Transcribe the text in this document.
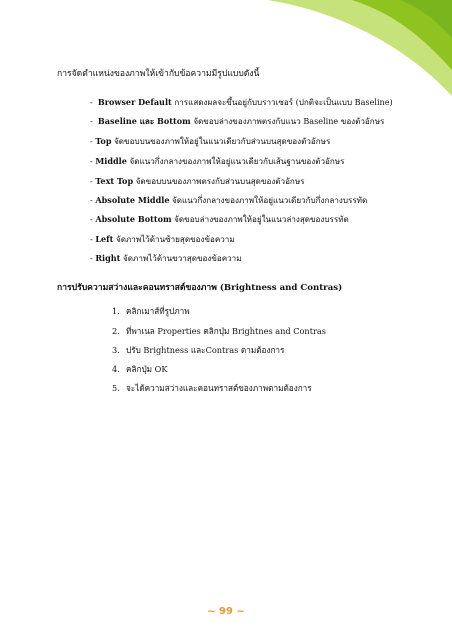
การจัดตำแหน่งของภาพให้เข้ากับข้อความมีรูปแบบดังนี้
- Browser Default การแสดงผลจะขึ้นอยู่กับบราวเซอร์ (ปกติจะเป็นแบบ Baseline)
- Baseline และ Bottom จัดขอบล่างของภาพตรงกับแนว Baseline ของตัวอักษร
- Top จัดขอบบนของภาพให้อยู่ในแนวเดียวกับส่วนบนสุดของตัวอักษร
- Middle จัดแนวกึ่งกลางของภาพให้อยู่แนวเดียวกับเส้นฐานของตัวอักษร
- Text Top จัดขอบบนของภาพตรงกับส่วนบนสุดของตัวอักษร
- Absolute Middle จัดแนวกึ่งกลางของภาพให้อยู่แนวเดียวกับกึ่งกลางบรรทัด
- Absolute Bottom จัดขอบล่างของภาพให้อยู่ในแนวล่างสุดของบรรทัด
- Left จัดภาพไว้ด้านซ้ายสุดของข้อความ
- Right จัดภาพไว้ด้านขวาสุดของข้อความ
การปรับความสว่างและคอนทราสต์ของภาพ (Brightness and Contras)
1. คลิกเมาส์ที่รูปภาพ
2. ที่พาเนล Properties คลิกปุ่ม Brightnes and Contras
3. ปรับ Brightness และContras ตามต้องการ
4. คลิกปุ่ม OK
5. จะได้ความสว่างและคอนทราสต์ของภาพตามต้องการ
~ 99 ~
